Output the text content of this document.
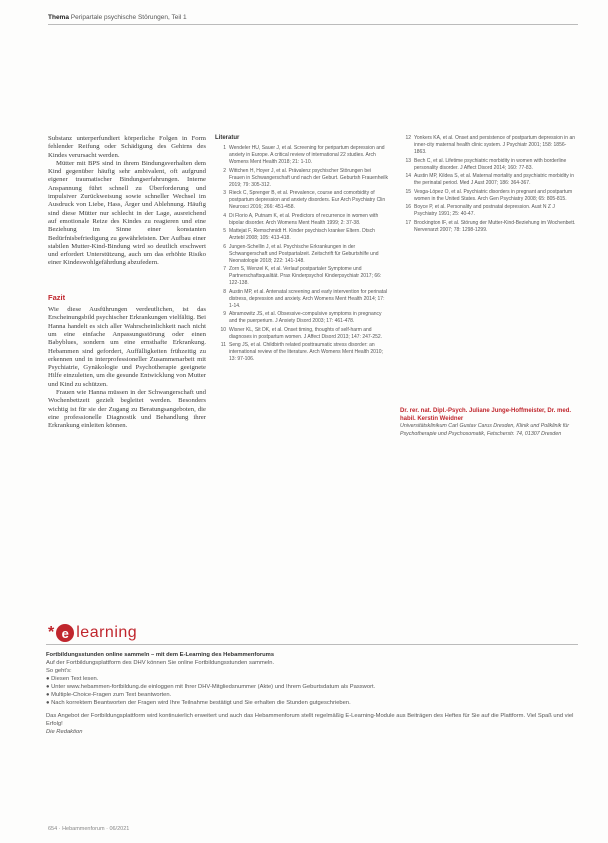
Thema Peripartale psychische Störungen, Teil 1

Substanz unterperfundiert körperliche Folgen in Form fehlender Reifung oder Schädigung des Gehirns des Kindes verursacht werden.

Mütter mit BPS sind in ihrem Bindungsverhalten dem Kind gegenüber häufig sehr ambivalent, oft aufgrund eigener traumatischer Bindungserfahrungen. Interne Anspannung führt schnell zu Überforderung und impulsiver Zurückweisung sowie schneller Wechsel im Ausdruck von Liebe, Hass, Ärger und Ablehnung. Häufig sind diese Mütter nur schlecht in der Lage, ausreichend auf emotionale Reize des Kindes zu reagieren und eine Beziehung im Sinne einer konstanten Bedürfnisbefriedigung zu gewährleisten. Der Aufbau einer stabilen Mutter-Kind-Bindung wird so deutlich erschwert und erfordert Unterstützung, auch um das erhöhte Risiko einer Kindeswohlgefährdung abzufedern.

Fazit

Wie diese Ausführungen verdeutlichen, ist das Erscheinungsbild psychischer Erkrankungen vielfältig. Bei Hanna handelt es sich aller Wahrscheinlichkeit nach nicht um eine einfache Anpassungsstörung oder einen Babyblues, sondern um eine ernsthafte Erkrankung. Hebammen sind gefordert, Auffälligkeiten frühzeitig zu erkennen und in interprofessioneller Zusammenarbeit mit Psychiatrie, Gynäkologie und Psychotherapie geeignete Hilfe einzuleiten, um die gesunde Entwicklung von Mutter und Kind zu schützen.

Frauen wie Hanna müssen in der Schwangerschaft und Wochenbettzeit gezielt begleitet werden. Besonders wichtig ist für sie der Zugang zu Beratungsangeboten, die eine professionelle Diagnostik und Behandlung ihrer Erkrankung einleiten können.

Literatur
1 Wendeler HU, Sauer J, et al. Screening for peripartum depression and anxiety in Europe. A critical review of international 22 studies. Arch Womens Ment Health 2018; 21: 1-10.
2 Wittchen H, Hoyer J, et al. Prävalenz psychischer Störungen bei Frauen in Schwangerschaft und nach der Geburt. Geburtsh Frauenheilk 2019; 79: 305-312.
3 Rieck C, Sprenger B, et al. Prevalence, course and comorbidity of postpartum depression and anxiety disorders. Eur Arch Psychiatry Clin Neurosci 2016; 266: 451-458.
4 Di Florio A, Putnam K, et al. Predictors of recurrence in women with bipolar disorder. Arch Womens Ment Health 1999; 2: 37-38.
5 Mattejat F, Remschmidt H. Kinder psychisch kranker Eltern. Dtsch Arztebl 2008; 105: 413-418.
6 Jungen-Schellin J, et al. Psychische Erkrankungen in der Schwangerschaft und Postpartalzeit. Zeitschrift für Geburtshilfe und Neonatologie 2018; 222: 141-148.
7 Zorn S, Wenzel K, et al. Verlauf postpartaler Symptome und Partnerschaftsqualität. Prax Kinderpsychol Kinderpsychiatr 2017; 66: 122-138.
8 Austin MP, et al. Antenatal screening and early intervention for perinatal distress, depression and anxiety. Arch Womens Ment Health 2014; 17: 1-14.
9 Abramowitz JS, et al. Obsessive-compulsive symptoms in pregnancy and the puerperium. J Anxiety Disord 2003; 17: 461-478.
10 Wisner KL, Sit DK, et al. Onset timing, thoughts of self-harm and diagnoses in postpartum women. J Affect Disord 2013; 147: 247-252.
11 Seng JS, et al. Childbirth related posttraumatic stress disorder: an international review of the literature. Arch Womens Ment Health 2010; 13: 97-106.
12 Yonkers KA, et al. Onset and persistence of postpartum depression in an inner-city maternal health clinic system. J Psychiatr 2001; 158: 1856-1863.
13 Bech C, et al. Lifetime psychiatric morbidity in women with borderline personality disorder. J Affect Disord 2014; 160: 77-83.
14 Austin MP, Kildea S, et al. Maternal mortality and psychiatric morbidity in the perinatal period. Med J Aust 2007; 186: 364-367.
15 Vesga-López O, et al. Psychiatric disorders in pregnant and postpartum women in the United States. Arch Gen Psychiatry 2008; 65: 805-815.
16 Boyce P, et al. Personality and postnatal depression. Aust N Z J Psychiatry 1991; 25: 40-47.
17 Brockington IF, et al. Störung der Mutter-Kind-Beziehung im Wochenbett. Nervenarzt 2007; 78: 1298-1299.
Dr. rer. nat. Dipl.-Psych. Juliane Junge-Hoffmeister, Dr. med. habil. Kerstin Weidner
Universitätsklinikum Carl Gustav Carus Dresden, Klinik und Poliklinik für Psychotherapie und Psychosomatik, Fetscherstr. 74, 01307 Dresden
* e learning
Fortbildungsstunden online sammeln – mit dem E-Learning des Hebammenforums
Auf der Fortbildungsplattform des DHV können Sie online Fortbildungsstunden sammeln.
So geht's:
● Diesen Text lesen.
● Unter www.hebammen-fortbildung.de einloggen mit Ihrer DHV-Mitgliedsnummer (Akte) und Ihrem Geburtsdatum als Passwort.
● Multiple-Choice-Fragen zum Text beantworten.
● Nach korrektem Beantworten der Fragen wird Ihre Teilnahme bestätigt und Sie erhalten die Stunden gutgeschrieben.
Das Angebot der Fortbildungsplattform wird kontinuierlich erweitert und auch das Hebammenforum stellt regelmäßig E-Learning-Module aus Beiträgen des Heftes für Sie auf die Plattform. Viel Spaß und viel Erfolg!
Die Redaktion
654 · Hebammenforum · 06/2021
